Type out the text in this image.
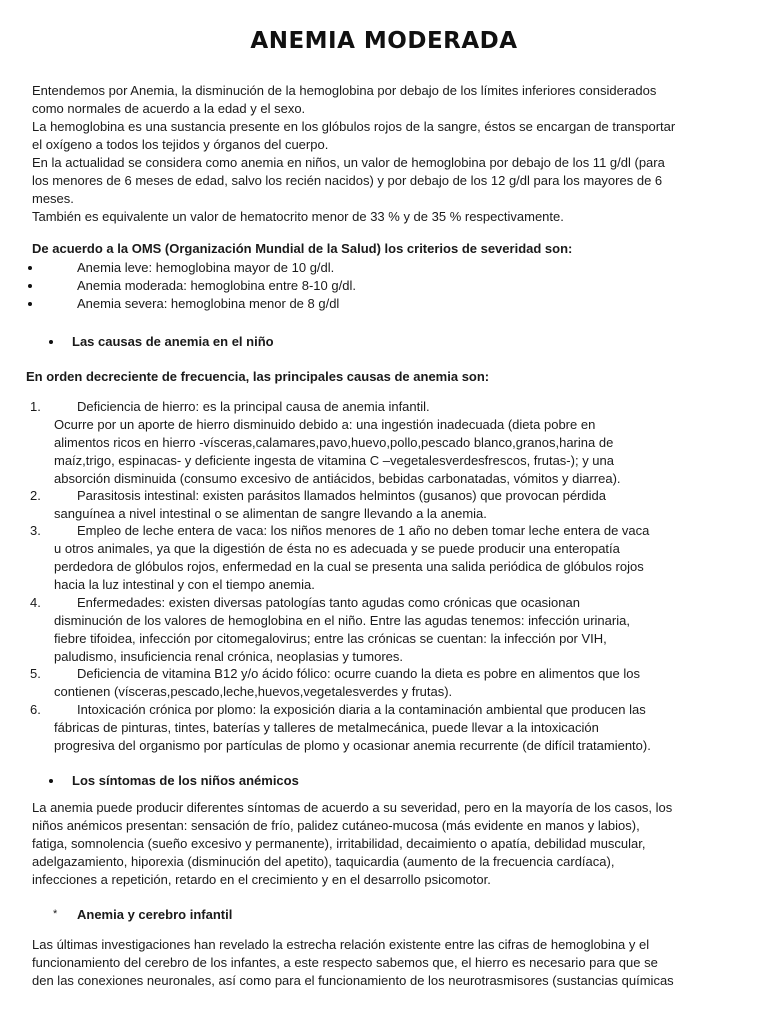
ANEMIA MODERADA
Entendemos por Anemia, la disminución de la hemoglobina por debajo de los límites inferiores considerados
como normales de acuerdo a la edad y el sexo.
La hemoglobina es una sustancia presente en los glóbulos rojos de la sangre, éstos se encargan de transportar
el oxígeno a todos los tejidos y órganos del cuerpo.
En la actualidad se considera como anemia en niños, un valor de hemoglobina por debajo de los 11 g/dl (para
los menores de 6 meses de edad, salvo los recién nacidos) y por debajo de los 12 g/dl para los mayores de 6
meses.
También es equivalente un valor de hematocrito menor de 33 % y de 35 % respectivamente.
De acuerdo a la OMS (Organización Mundial de la Salud) los criterios de severidad son:
Anemia leve: hemoglobina mayor de 10 g/dl.
Anemia moderada: hemoglobina entre 8-10 g/dl.
Anemia severa: hemoglobina menor de 8 g/dl
Las causas de anemia en el niño
En orden decreciente de frecuencia, las principales causas de anemia son:
1.	Deficiencia de hierro: es la principal causa de anemia infantil.
Ocurre por un aporte de hierro disminuido debido a: una ingestión inadecuada (dieta pobre en
alimentos ricos en hierro -vísceras,calamares,pavo,huevo,pollo,pescado blanco,granos,harina de
maíz,trigo, espinacas- y deficiente ingesta de vitamina C –vegetalesverdesfrescos, frutas-); y una
absorción disminuida (consumo excesivo de antiácidos, bebidas carbonatadas, vómitos y diarrea).
2.	Parasitosis intestinal: existen parásitos llamados helmintos (gusanos) que provocan pérdida
sanguínea a nivel intestinal o se alimentan de sangre llevando a la anemia.
3.	Empleo de leche entera de vaca: los niños menores de 1 año no deben tomar leche entera de vaca
u otros animales, ya que la digestión de ésta no es adecuada y se puede producir una enteropatía
perdedora de glóbulos rojos, enfermedad en la cual se presenta una salida periódica de glóbulos rojos
hacia la luz intestinal y con el tiempo anemia.
4.	Enfermedades: existen diversas patologías tanto agudas como crónicas que ocasionan
disminución de los valores de hemoglobina en el niño. Entre las agudas tenemos: infección urinaria,
fiebre tifoidea, infección por citomegalovirus; entre las crónicas se cuentan: la infección por VIH,
paludismo, insuficiencia renal crónica, neoplasias y tumores.
5.	Deficiencia de vitamina B12 y/o ácido fólico: ocurre cuando la dieta es pobre en alimentos que los
contienen (vísceras,pescado,leche,huevos,vegetalesverdes y frutas).
6.	Intoxicación crónica por plomo: la exposición diaria a la contaminación ambiental que producen las
fábricas de pinturas, tintes, baterías y talleres de metalmecánica, puede llevar a la intoxicación
progresiva del organismo por partículas de plomo y ocasionar anemia recurrente (de difícil tratamiento).
Los síntomas de los niños anémicos
La anemia puede producir diferentes síntomas de acuerdo a su severidad, pero en la mayoría de los casos, los
niños anémicos presentan: sensación de frío, palidez cutáneo-mucosa (más evidente en manos y labios),
fatiga, somnolencia (sueño excesivo y permanente), irritabilidad, decaimiento o apatía, debilidad muscular,
adelgazamiento, hiporexia (disminución del apetito), taquicardia (aumento de la frecuencia cardíaca),
infecciones a repetición, retardo en el crecimiento y en el desarrollo psicomotor.
* Anemia y cerebro infantil
Las últimas investigaciones han revelado la estrecha relación existente entre las cifras de hemoglobina y el
funcionamiento del cerebro de los infantes, a este respecto sabemos que, el hierro es necesario para que se
den las conexiones neuronales, así como para el funcionamiento de los neurotrasmisores (sustancias químicas
